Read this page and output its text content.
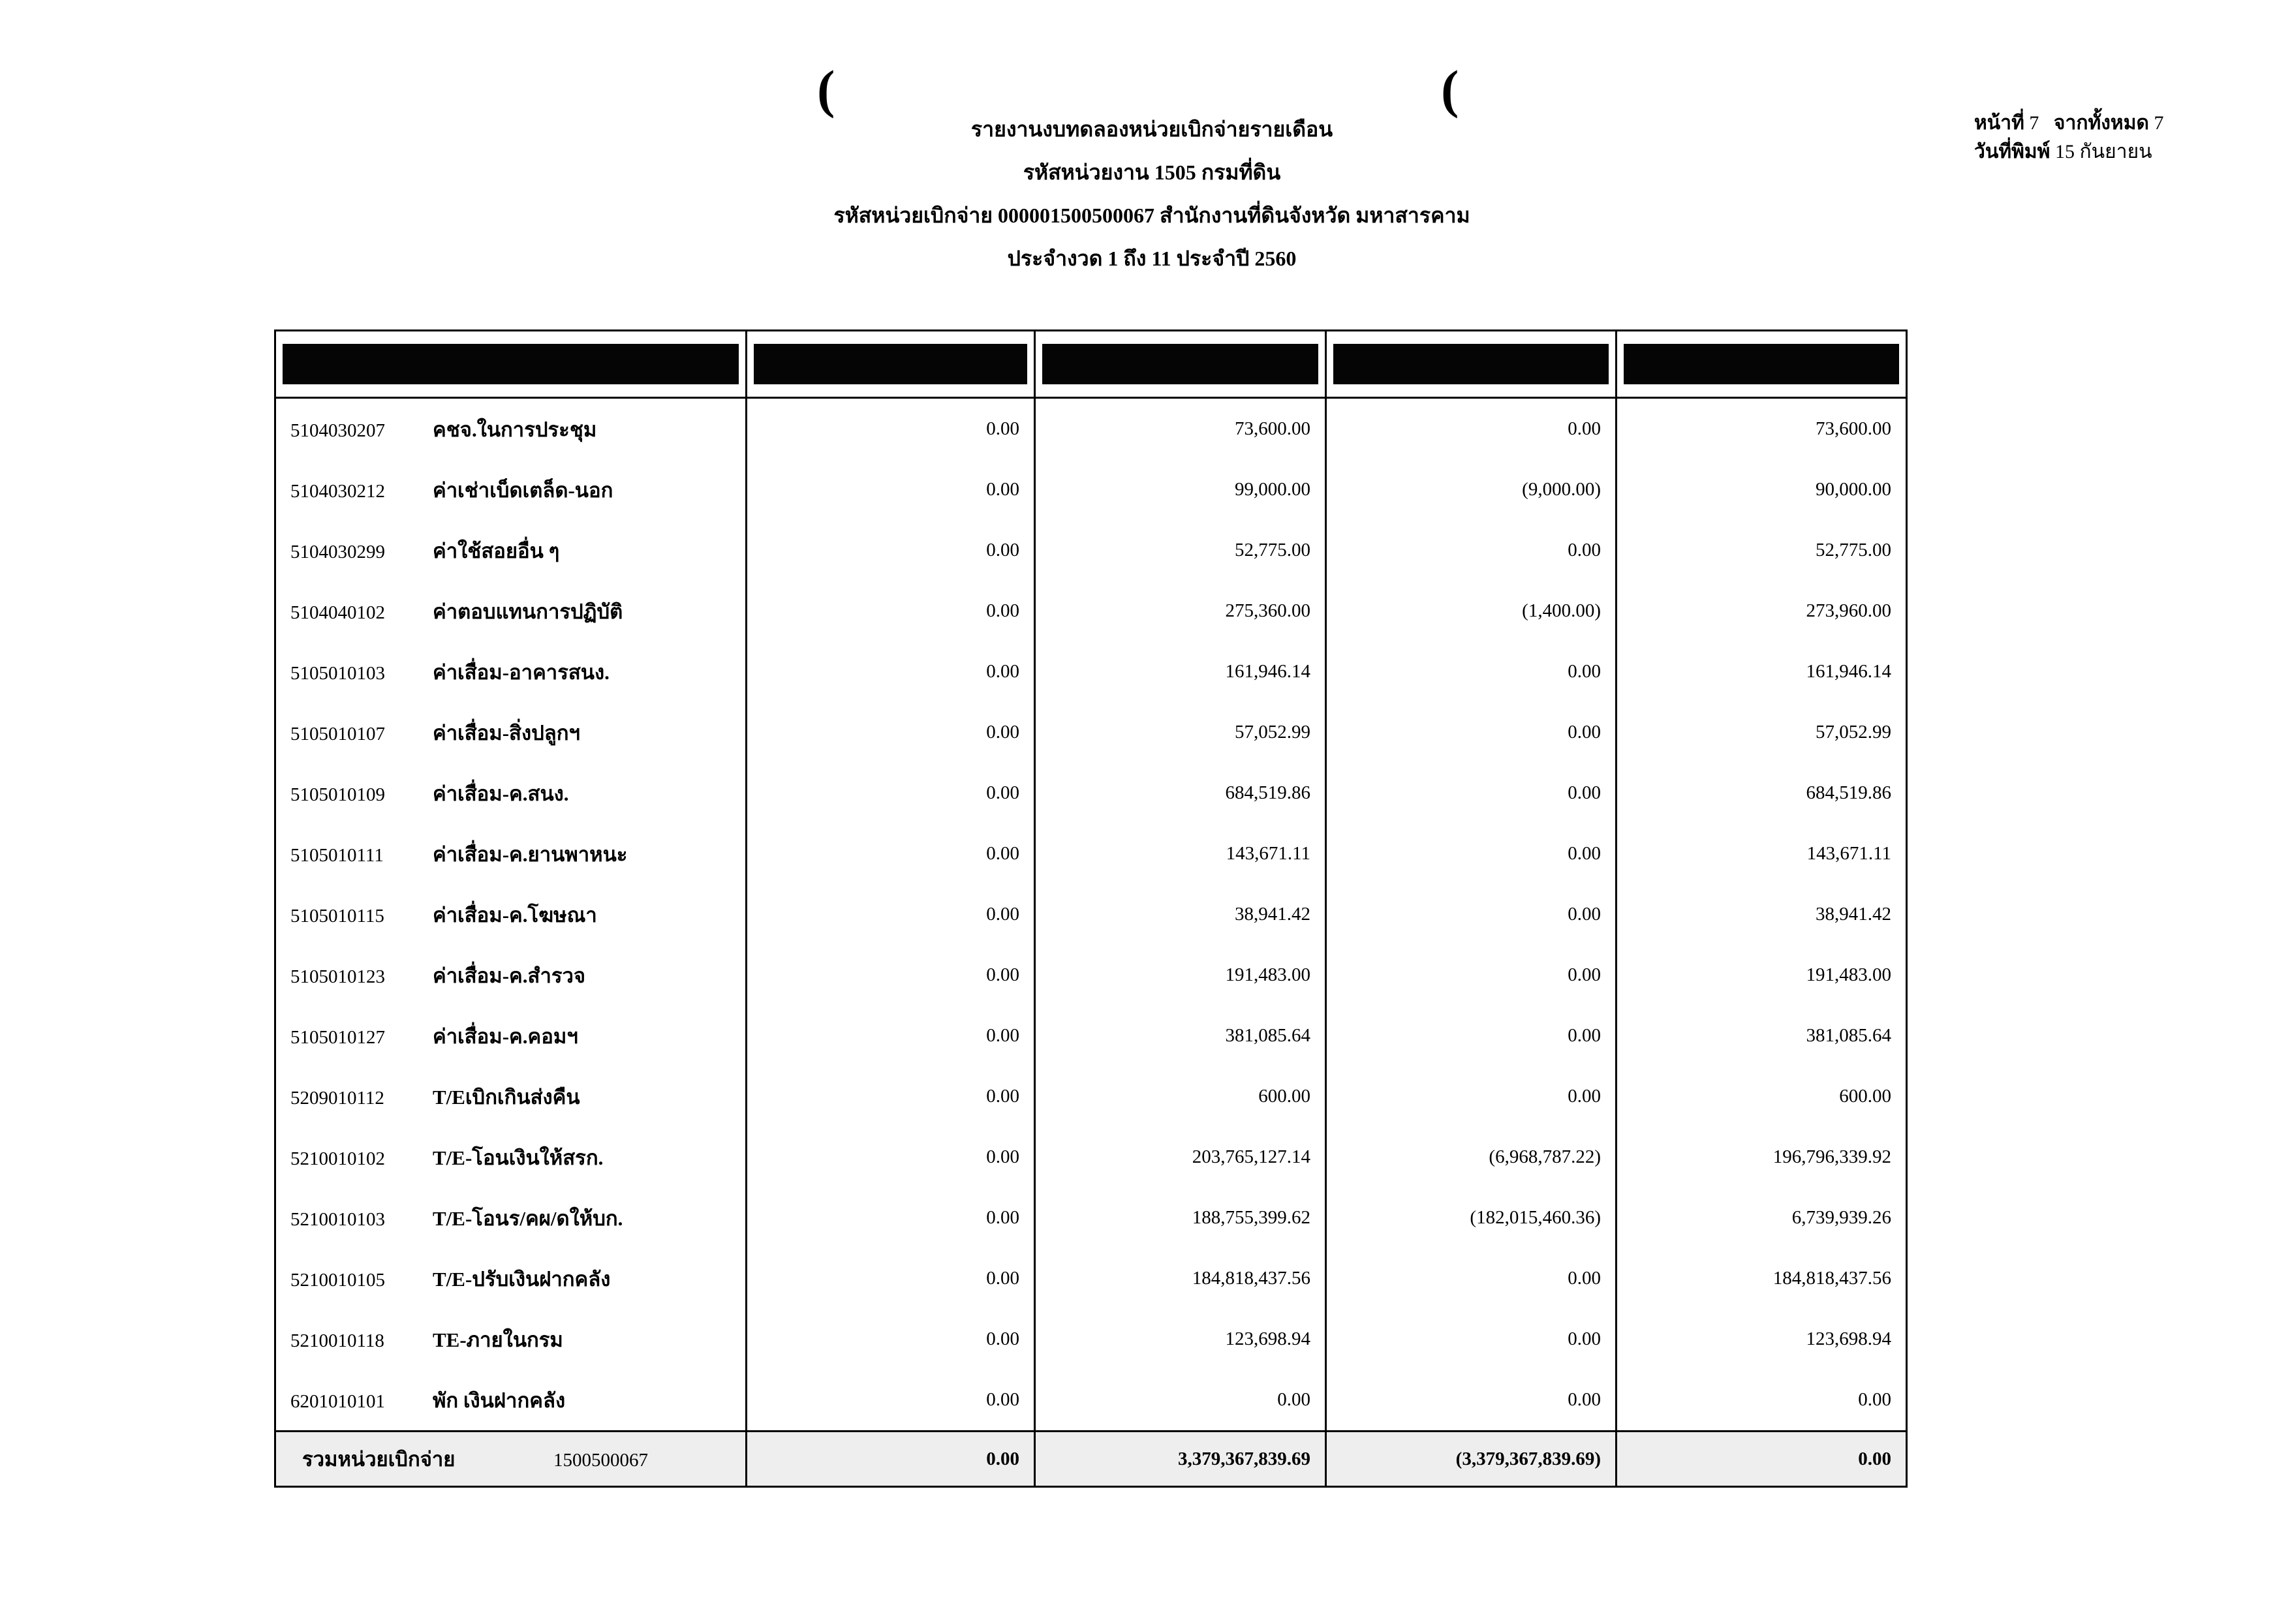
(	(
รายงานงบทดลองหน่วยเบิกจ่ายรายเดือน
รหัสหน่วยงาน 1505 กรมที่ดิน
รหัสหน่วยเบิกจ่าย 000001500500067 สำนักงานที่ดินจังหวัด มหาสารคาม
ประจำงวด 1 ถึง 11 ประจำปี 2560
หน้าที่ 7 จากทั้งหมด 7
วันที่พิมพ์ 15 กันยายน

5104030207 คชจ.ในการประชุม	0.00	73,600.00	0.00	73,600.00
5104030212 ค่าเช่าเบ็ดเตล็ด-นอก	0.00	99,000.00	(9,000.00)	90,000.00
5104030299 ค่าใช้สอยอื่น ๆ	0.00	52,775.00	0.00	52,775.00
5104040102 ค่าตอบแทนการปฏิบัติ	0.00	275,360.00	(1,400.00)	273,960.00
5105010103 ค่าเสื่อม-อาคารสนง.	0.00	161,946.14	0.00	161,946.14
5105010107 ค่าเสื่อม-สิ่งปลูกฯ	0.00	57,052.99	0.00	57,052.99
5105010109 ค่าเสื่อม-ค.สนง.	0.00	684,519.86	0.00	684,519.86
5105010111 ค่าเสื่อม-ค.ยานพาหนะ	0.00	143,671.11	0.00	143,671.11
5105010115 ค่าเสื่อม-ค.โฆษณา	0.00	38,941.42	0.00	38,941.42
5105010123 ค่าเสื่อม-ค.สำรวจ	0.00	191,483.00	0.00	191,483.00
5105010127 ค่าเสื่อม-ค.คอมฯ	0.00	381,085.64	0.00	381,085.64
5209010112 T/Eเบิกเกินส่งคืน	0.00	600.00	0.00	600.00
5210010102 T/E-โอนเงินให้สรก.	0.00	203,765,127.14	(6,968,787.22)	196,796,339.92
5210010103 T/E-โอนร/คผ/ดให้บก.	0.00	188,755,399.62	(182,015,460.36)	6,739,939.26
5210010105 T/E-ปรับเงินฝากคลัง	0.00	184,818,437.56	0.00	184,818,437.56
5210010118 TE-ภายในกรม	0.00	123,698.94	0.00	123,698.94
6201010101 พัก เงินฝากคลัง	0.00	0.00	0.00	0.00
รวมหน่วยเบิกจ่าย 1500500067	0.00	3,379,367,839.69	(3,379,367,839.69)	0.00
